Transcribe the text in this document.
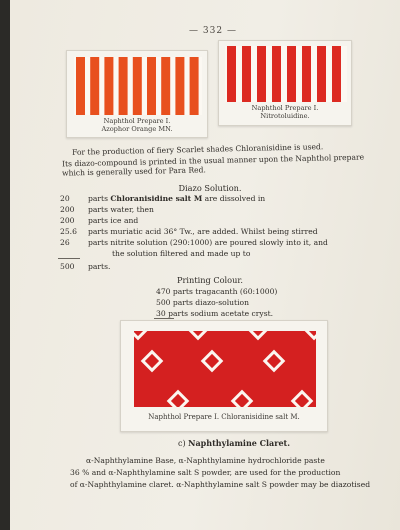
— 332 —
Naphthol Prepare I.
Azophor Orange MN.
Naphthol Prepare I.
Nitrotoluidine.
For the production of fiery Scarlet shades Chloranisidine is used.
Its diazo-compound is printed in the usual manner upon the Naphthol prepare
which is generally used for Para Red.
Diazo Solution.
20 parts Chloranisidine salt M are dissolved in
200 parts water, then
200 parts ice and
25.6 parts muriatic acid 36° Tw., are added. Whilst being stirred
26 parts nitrite solution (290:1000) are poured slowly into it, and
the solution filtered and made up to
500 parts.
Printing Colour.
470 parts tragacanth (60:1000)
500 parts diazo-solution
30 parts sodium acetate cryst.
Naphthol Prepare I. Chloranisidine salt M.
c) Naphthylamine Claret.
α-Naphthylamine Base, α-Naphthylamine hydrochloride paste
36 % and α-Naphthylamine salt S powder, are used for the production
of α-Naphthylamine claret. α-Naphthylamine salt S powder may be diazotised
